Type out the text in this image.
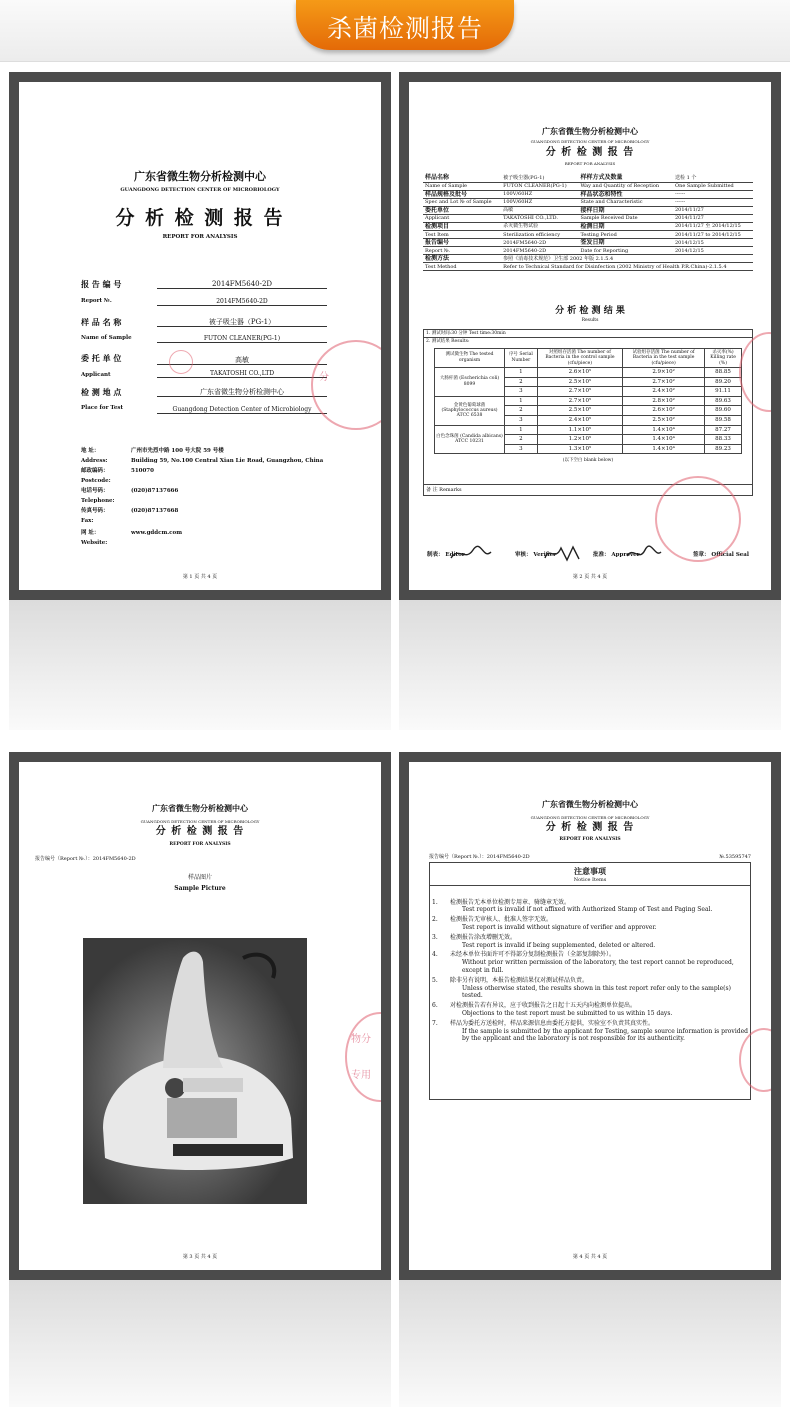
杀菌检测报告
广东省微生物分析检测中心
GUANGDONG DETECTION CENTER OF MICROBIOLOGY
分 析 检 测 报 告
REPORT FOR ANALYSIS
报 告 编 号
Report №.
2014FM5640-2D
2014FM5640-2D
样 品 名 称
Name of Sample
被子吸尘器（PG-1）
FUTON CLEANER(PG-1)
委 托 单 位
Applicant
高敏
TAKATOSHI CO.,LTD
检 测 地 点
Place for Test
广东省微生物分析检测中心
Guangdong Detection Center of Microbiology
地 址：	广州市先烈中路 100 号大院 59 号楼
Address:	Building 59, No.100 Central Xian Lie Road, Guangzhou, China
邮政编码：	510070
Postcode:
电话号码：	(020)87137666
Telephone:
传真号码：	(020)87137668
Fax:
网 址：	www.gddcm.com
Website:
分
第 1 页 共 4 页
广东省微生物分析检测中心
GUANGDONG DETECTION CENTER OF MICROBIOLOGY
分 析 检 测 报 告
REPORT FOR ANALYSIS
样品名称	被子吸尘器(PG-1)	样样方式及数量	送检 1 个
Name of Sample	FUTON CLEANER(PG-1)	Way and Quantity of Reception	One Sample Submitted
样品规格及批号	100V/60HZ	样品状态和特性	------
Spec and Lot № of Sample	100V/60HZ	State and Characteristic	------
委托单位	高敏	接样日期	2014/11/27
Applicant	TAKATOSHI CO.,LTD.	Sample Received Date	2014/11/27
检测项目	杀灭微生物试验	检测日期	2014/11/27 至 2014/12/15
Test Item	Sterilization efficiency	Testing Period	2014/11/27 to 2014/12/15
报告编号	2014FM5640-2D	签发日期	2014/12/15
Report №.	2014FM5640-2D	Date for Reporting	2014/12/15
检测方法	参照《消毒技术规范》卫生部 2002 年版 2.1.5.4		
Test Method	Refer to Technical Standard for Disinfection (2002 Ministry of Health P.R.China)-2.1.5.4		
分 析 检 测 结 果
Results
1. 测试时间:30 分钟 Test time:30min
2. 测试结果 Results:
测试微生物 The tested organism	序号 Serial Number	对照组存活菌 The number of Bacteria in the control sample (cfu/piece)	试验组存活菌 The number of Bacteria in the test sample (cfu/piece)	杀灭率(%) Killing rate (%)
大肠杆菌 (Escherichia coli) 8099	1	2.6×10⁵	2.9×10²	88.85
	2	2.5×10⁵	2.7×10²	89.20
	3	2.7×10⁵	2.4×10²	91.11
金黄色葡萄球菌 (Staphylococcus aureus) ATCC 6538	1	2.7×10⁵	2.8×10²	89.63
	2	2.5×10⁵	2.6×10²	89.60
	3	2.4×10⁵	2.5×10²	89.58
白色念珠菌 (Candida albicans) ATCC 10231	1	1.1×10⁵	1.4×10⁴	87.27
	2	1.2×10⁵	1.4×10⁴	88.33
	3	1.3×10⁵	1.4×10⁴	89.23
(以下空白 blank below)
备 注 Remarks
制表： Editor	审核： Verifier	批准： Approver	签章： Official Seal
第 2 页 共 4 页
广东省微生物分析检测中心
GUANGDONG DETECTION CENTER OF MICROBIOLOGY
分 析 检 测 报 告
REPORT FOR ANALYSIS
报告编号（Report №.）：2014FM5640-2D
样品图片
Sample Picture
物分
专用
第 3 页 共 4 页
广东省微生物分析检测中心
GUANGDONG DETECTION CENTER OF MICROBIOLOGY
分 析 检 测 报 告
REPORT FOR ANALYSIS
报告编号（Report №.）：2014FM5640-2D	№.53595747
注意事项
Notice Items
1.	检测报告无本单位检测专用章、骑缝章无效。
Test report is invalid if not affixed with Authorized Stamp of Test and Paging Seal.

2.	检测报告无审核人、批准人签字无效。
Test report is invalid without signature of verifier and approver.

3.	检测报告涂改增删无效。
Test report is invalid if being supplemented, deleted or altered.

4.	未经本单位书面许可不得部分复制检测报告（全部复制除外）。
Without prior written permission of the laboratory, the test report cannot be reproduced, except in full.

5.	除非另有说明，本报告检测结果仅对测试样品负责。
Unless otherwise stated, the results shown in this test report refer only to the sample(s) tested.

6.	对检测报告若有异议，应于收到报告之日起十五天内向检测单位提出。
Objections to the test report must be submitted to us within 15 days.

7.	样品为委托方送检时，样品来源信息由委托方提供，实验室不负责其真实性。
If the sample is submitted by the applicant for Testing, sample source information is provided by the applicant and the laboratory is not responsible for its authenticity.
第 4 页 共 4 页
